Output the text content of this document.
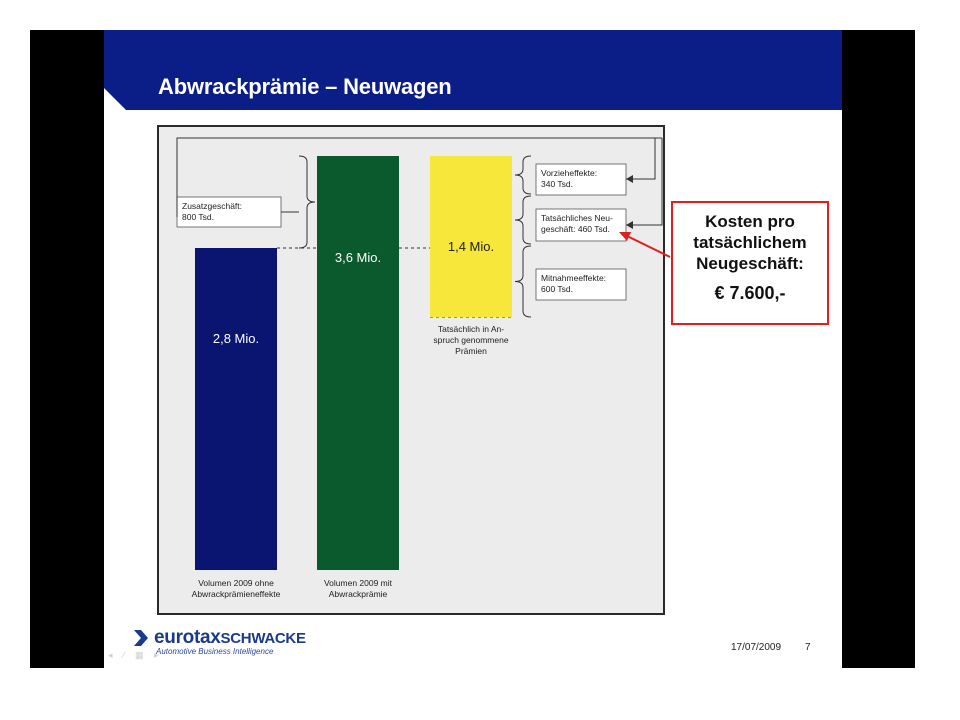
Abwrackprämie – Neuwagen
2,8 Mio.
Volumen 2009 ohne
Abwrackprämieneffekte
3,6 Mio.
Volumen 2009 mit
Abwrackprämie
1,4 Mio.
Tatsächlich in An-
spruch genommene
Prämien
Zusatzgeschäft:
800 Tsd.
Vorzieheffekte:
340 Tsd.
Tatsächliches Neu-
geschäft: 460 Tsd.
Mitnahmeeffekte:
600 Tsd.
Kosten pro
tatsächlichem
Neugeschäft:
€ 7.600,-
eurotaxSCHWACKE
Automotive Business Intelligence
◂ ⁄ ▦ ▸
17/07/2009 7
